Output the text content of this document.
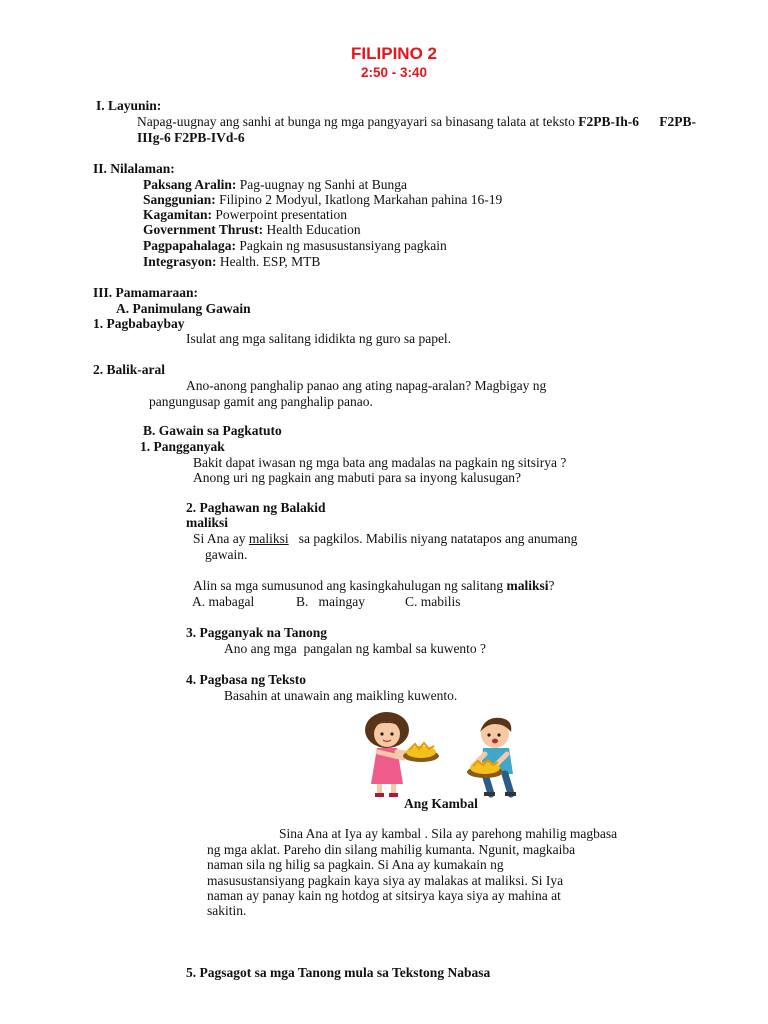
FILIPINO 2
2:50 - 3:40
I. Layunin:
Napag-uugnay ang sanhi at bunga ng mga pangyayari sa binasang talata at teksto F2PB-Ih-6 F2PB-
IIIg-6 F2PB-IVd-6
II. Nilalaman:
Paksang Aralin: Pag-uugnay ng Sanhi at Bunga
Sanggunian: Filipino 2 Modyul, Ikatlong Markahan pahina 16-19
Kagamitan: Powerpoint presentation
Government Thrust: Health Education
Pagpapahalaga: Pagkain ng masusustansiyang pagkain
Integrasyon: Health. ESP, MTB
III. Pamamaraan:
A. Panimulang Gawain
1. Pagbabaybay
Isulat ang mga salitang ididikta ng guro sa papel.
2. Balik-aral
Ano-anong panghalip panao ang ating napag-aralan? Magbigay ng
pangungusap gamit ang panghalip panao.
B. Gawain sa Pagkatuto
1. Pangganyak
Bakit dapat iwasan ng mga bata ang madalas na pagkain ng sitsirya ?
Anong uri ng pagkain ang mabuti para sa inyong kalusugan?
2. Paghawan ng Balakid
maliksi
Si Ana ay maliksi   sa pagkilos. Mabilis niyang natatapos ang anumang
gawain.
Alin sa mga sumusunod ang kasingkahulugan ng salitang maliksi?
A. mabagal	B.   maingay	C. mabilis
3. Pagganyak na Tanong
Ano ang mga  pangalan ng kambal sa kuwento ?
4. Pagbasa ng Teksto
Basahin at unawain ang maikling kuwento.
Ang Kambal
Sina Ana at Iya ay kambal . Sila ay parehong mahilig magbasa
ng mga aklat. Pareho din silang mahilig kumanta. Ngunit, magkaiba
naman sila ng hilig sa pagkain. Si Ana ay kumakain ng
masusustansiyang pagkain kaya siya ay malakas at maliksi. Si Iya
naman ay panay kain ng hotdog at sitsirya kaya siya ay mahina at
sakitin.
5. Pagsagot sa mga Tanong mula sa Tekstong Nabasa
